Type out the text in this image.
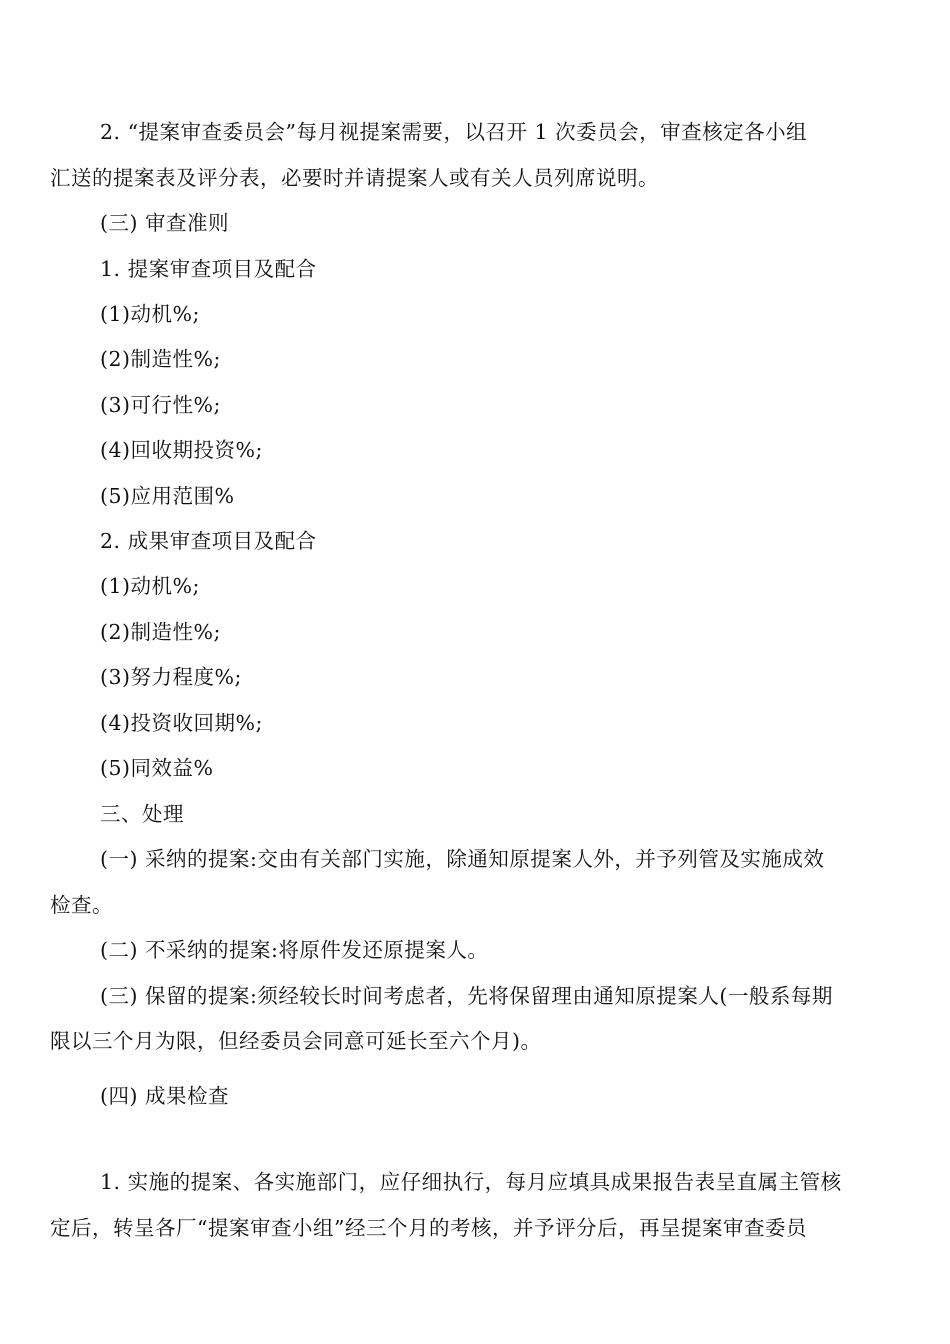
2. “提案审查委员会”每月视提案需要，以召开 1 次委员会，审查核定各小组
汇送的提案表及评分表，必要时并请提案人或有关人员列席说明。
(三) 审查准则
1. 提案审查项目及配合
(1)动机%;
(2)制造性%;
(3)可行性%;
(4)回收期投资%;
(5)应用范围%
2. 成果审查项目及配合
(1)动机%;
(2)制造性%;
(3)努力程度%;
(4)投资收回期%;
(5)同效益%
三、处理
(一) 采纳的提案:交由有关部门实施，除通知原提案人外，并予列管及实施成效
检查。
(二) 不采纳的提案:将原件发还原提案人。
(三) 保留的提案:须经较长时间考虑者，先将保留理由通知原提案人(一般系每期
限以三个月为限，但经委员会同意可延长至六个月)。
(四) 成果检查
1. 实施的提案、各实施部门，应仔细执行，每月应填具成果报告表呈直属主管核
定后，转呈各厂“提案审查小组”经三个月的考核，并予评分后，再呈提案审查委员
